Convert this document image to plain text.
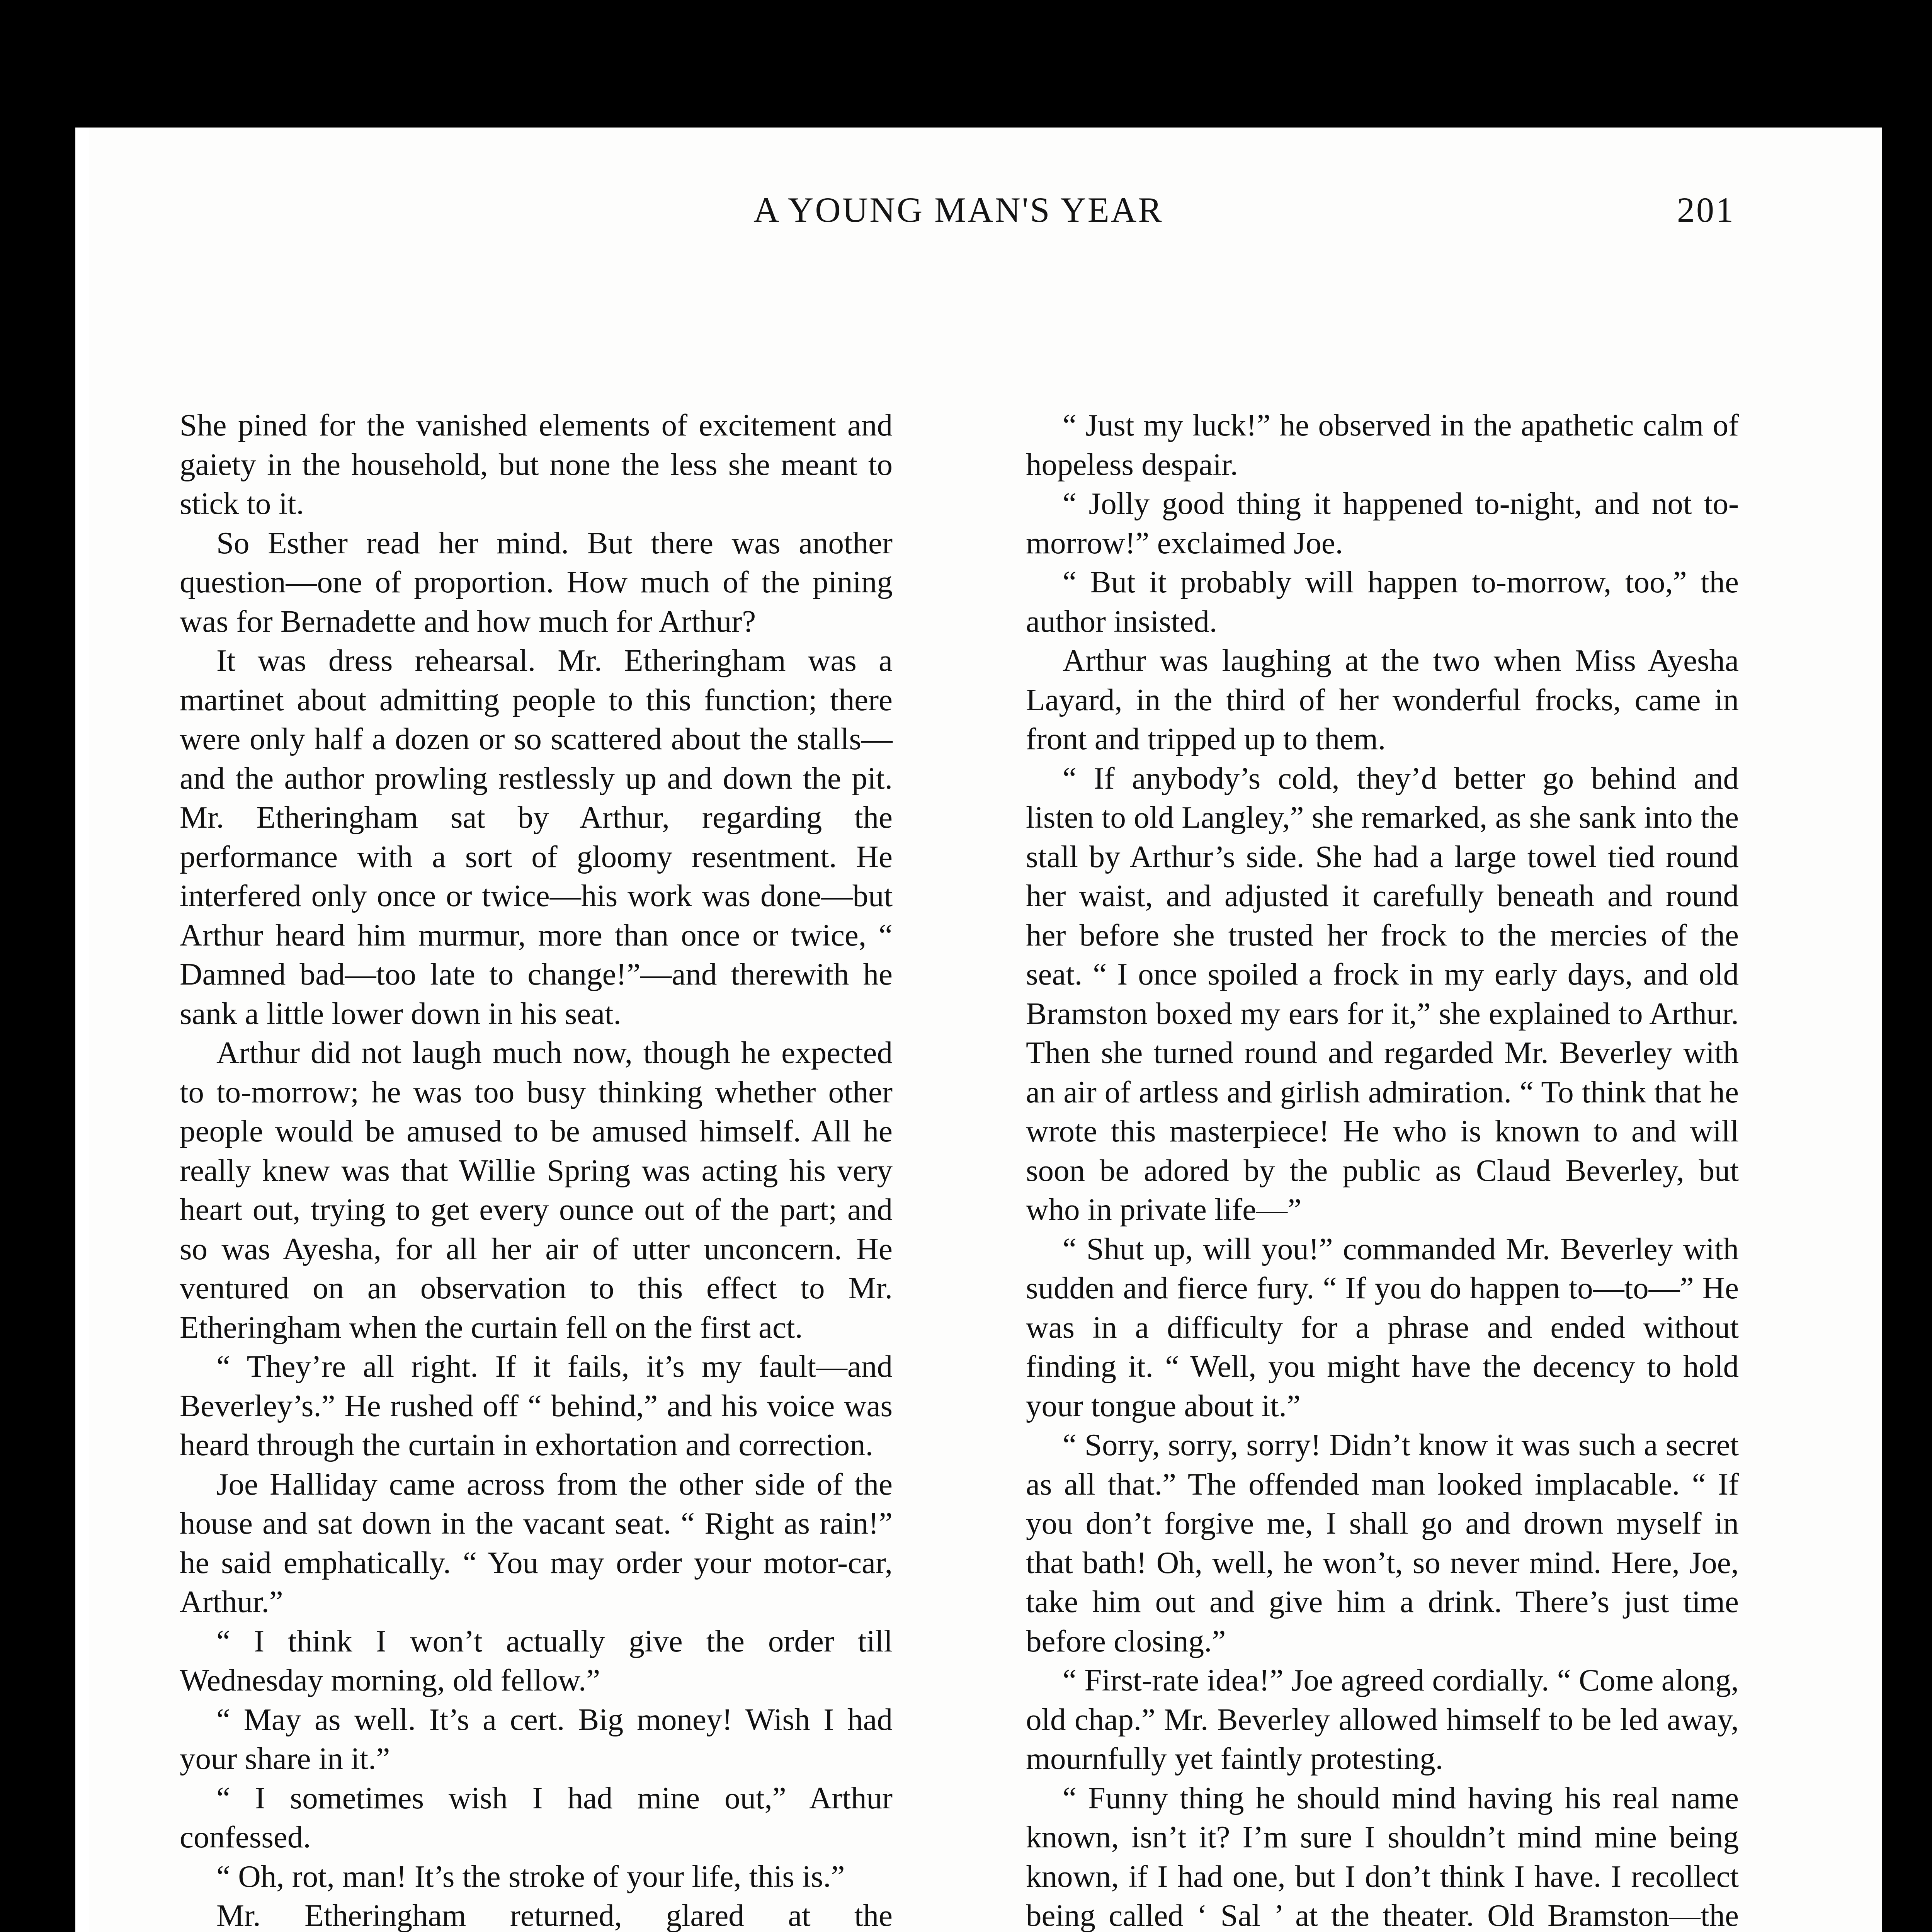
A YOUNG MAN'S YEAR	201

She pined for the vanished elements of excitement and gaiety in the household, but none the less she meant to stick to it.

So Esther read her mind. But there was another question—one of proportion. How much of the pining was for Bernadette and how much for Arthur?

It was dress rehearsal. Mr. Etheringham was a martinet about admitting people to this function; there were only half a dozen or so scattered about the stalls—and the author prowling restlessly up and down the pit. Mr. Etheringham sat by Arthur, regarding the performance with a sort of gloomy resentment. He interfered only once or twice—his work was done—but Arthur heard him murmur, more than once or twice, “ Damned bad—too late to change!”—and therewith he sank a little lower down in his seat.

Arthur did not laugh much now, though he expected to to-morrow; he was too busy thinking whether other people would be amused to be amused himself. All he really knew was that Willie Spring was acting his very heart out, trying to get every ounce out of the part; and so was Ayesha, for all her air of utter unconcern. He ventured on an observation to this effect to Mr. Etheringham when the curtain fell on the first act.

“ They’re all right. If it fails, it’s my fault—and Beverley’s.” He rushed off “ behind,” and his voice was heard through the curtain in exhortation and correction.

Joe Halliday came across from the other side of the house and sat down in the vacant seat. “ Right as rain!” he said emphatically. “ You may order your motor-car, Arthur.”

“ I think I won’t actually give the order till Wednesday morning, old fellow.”

“ May as well. It’s a cert. Big money! Wish I had your share in it.”

“ I sometimes wish I had mine out,” Arthur confessed.

“ Oh, rot, man! It’s the stroke of your life, this is.”

Mr. Etheringham returned, glared at the

“ Just my luck!” he observed in the apathetic calm of hopeless despair.

“ Jolly good thing it happened to-night, and not to-morrow!” exclaimed Joe.

“ But it probably will happen to-morrow, too,” the author insisted.

Arthur was laughing at the two when Miss Ayesha Layard, in the third of her wonderful frocks, came in front and tripped up to them.

“ If anybody’s cold, they’d better go behind and listen to old Langley,” she remarked, as she sank into the stall by Arthur’s side. She had a large towel tied round her waist, and adjusted it carefully beneath and round her before she trusted her frock to the mercies of the seat. “ I once spoiled a frock in my early days, and old Bramston boxed my ears for it,” she explained to Arthur. Then she turned round and regarded Mr. Beverley with an air of artless and girlish admiration. “ To think that he wrote this masterpiece! He who is known to and will soon be adored by the public as Claud Beverley, but who in private life—”

“ Shut up, will you!” commanded Mr. Beverley with sudden and fierce fury. “ If you do happen to—to—” He was in a difficulty for a phrase and ended without finding it. “ Well, you might have the decency to hold your tongue about it.”

“ Sorry, sorry, sorry! Didn’t know it was such a secret as all that.” The offended man looked implacable. “ If you don’t forgive me, I shall go and drown myself in that bath! Oh, well, he won’t, so never mind. Here, Joe, take him out and give him a drink. There’s just time before closing.”

“ First-rate idea!” Joe agreed cordially. “ Come along, old chap.” Mr. Beverley allowed himself to be led away, mournfully yet faintly protesting.

“ Funny thing he should mind having his real name known, isn’t it? I’m sure I shouldn’t mind mine being known, if I had one, but I don’t think I have. I recollect being called ‘ Sal ’ at the theater. Old Bramston—the
